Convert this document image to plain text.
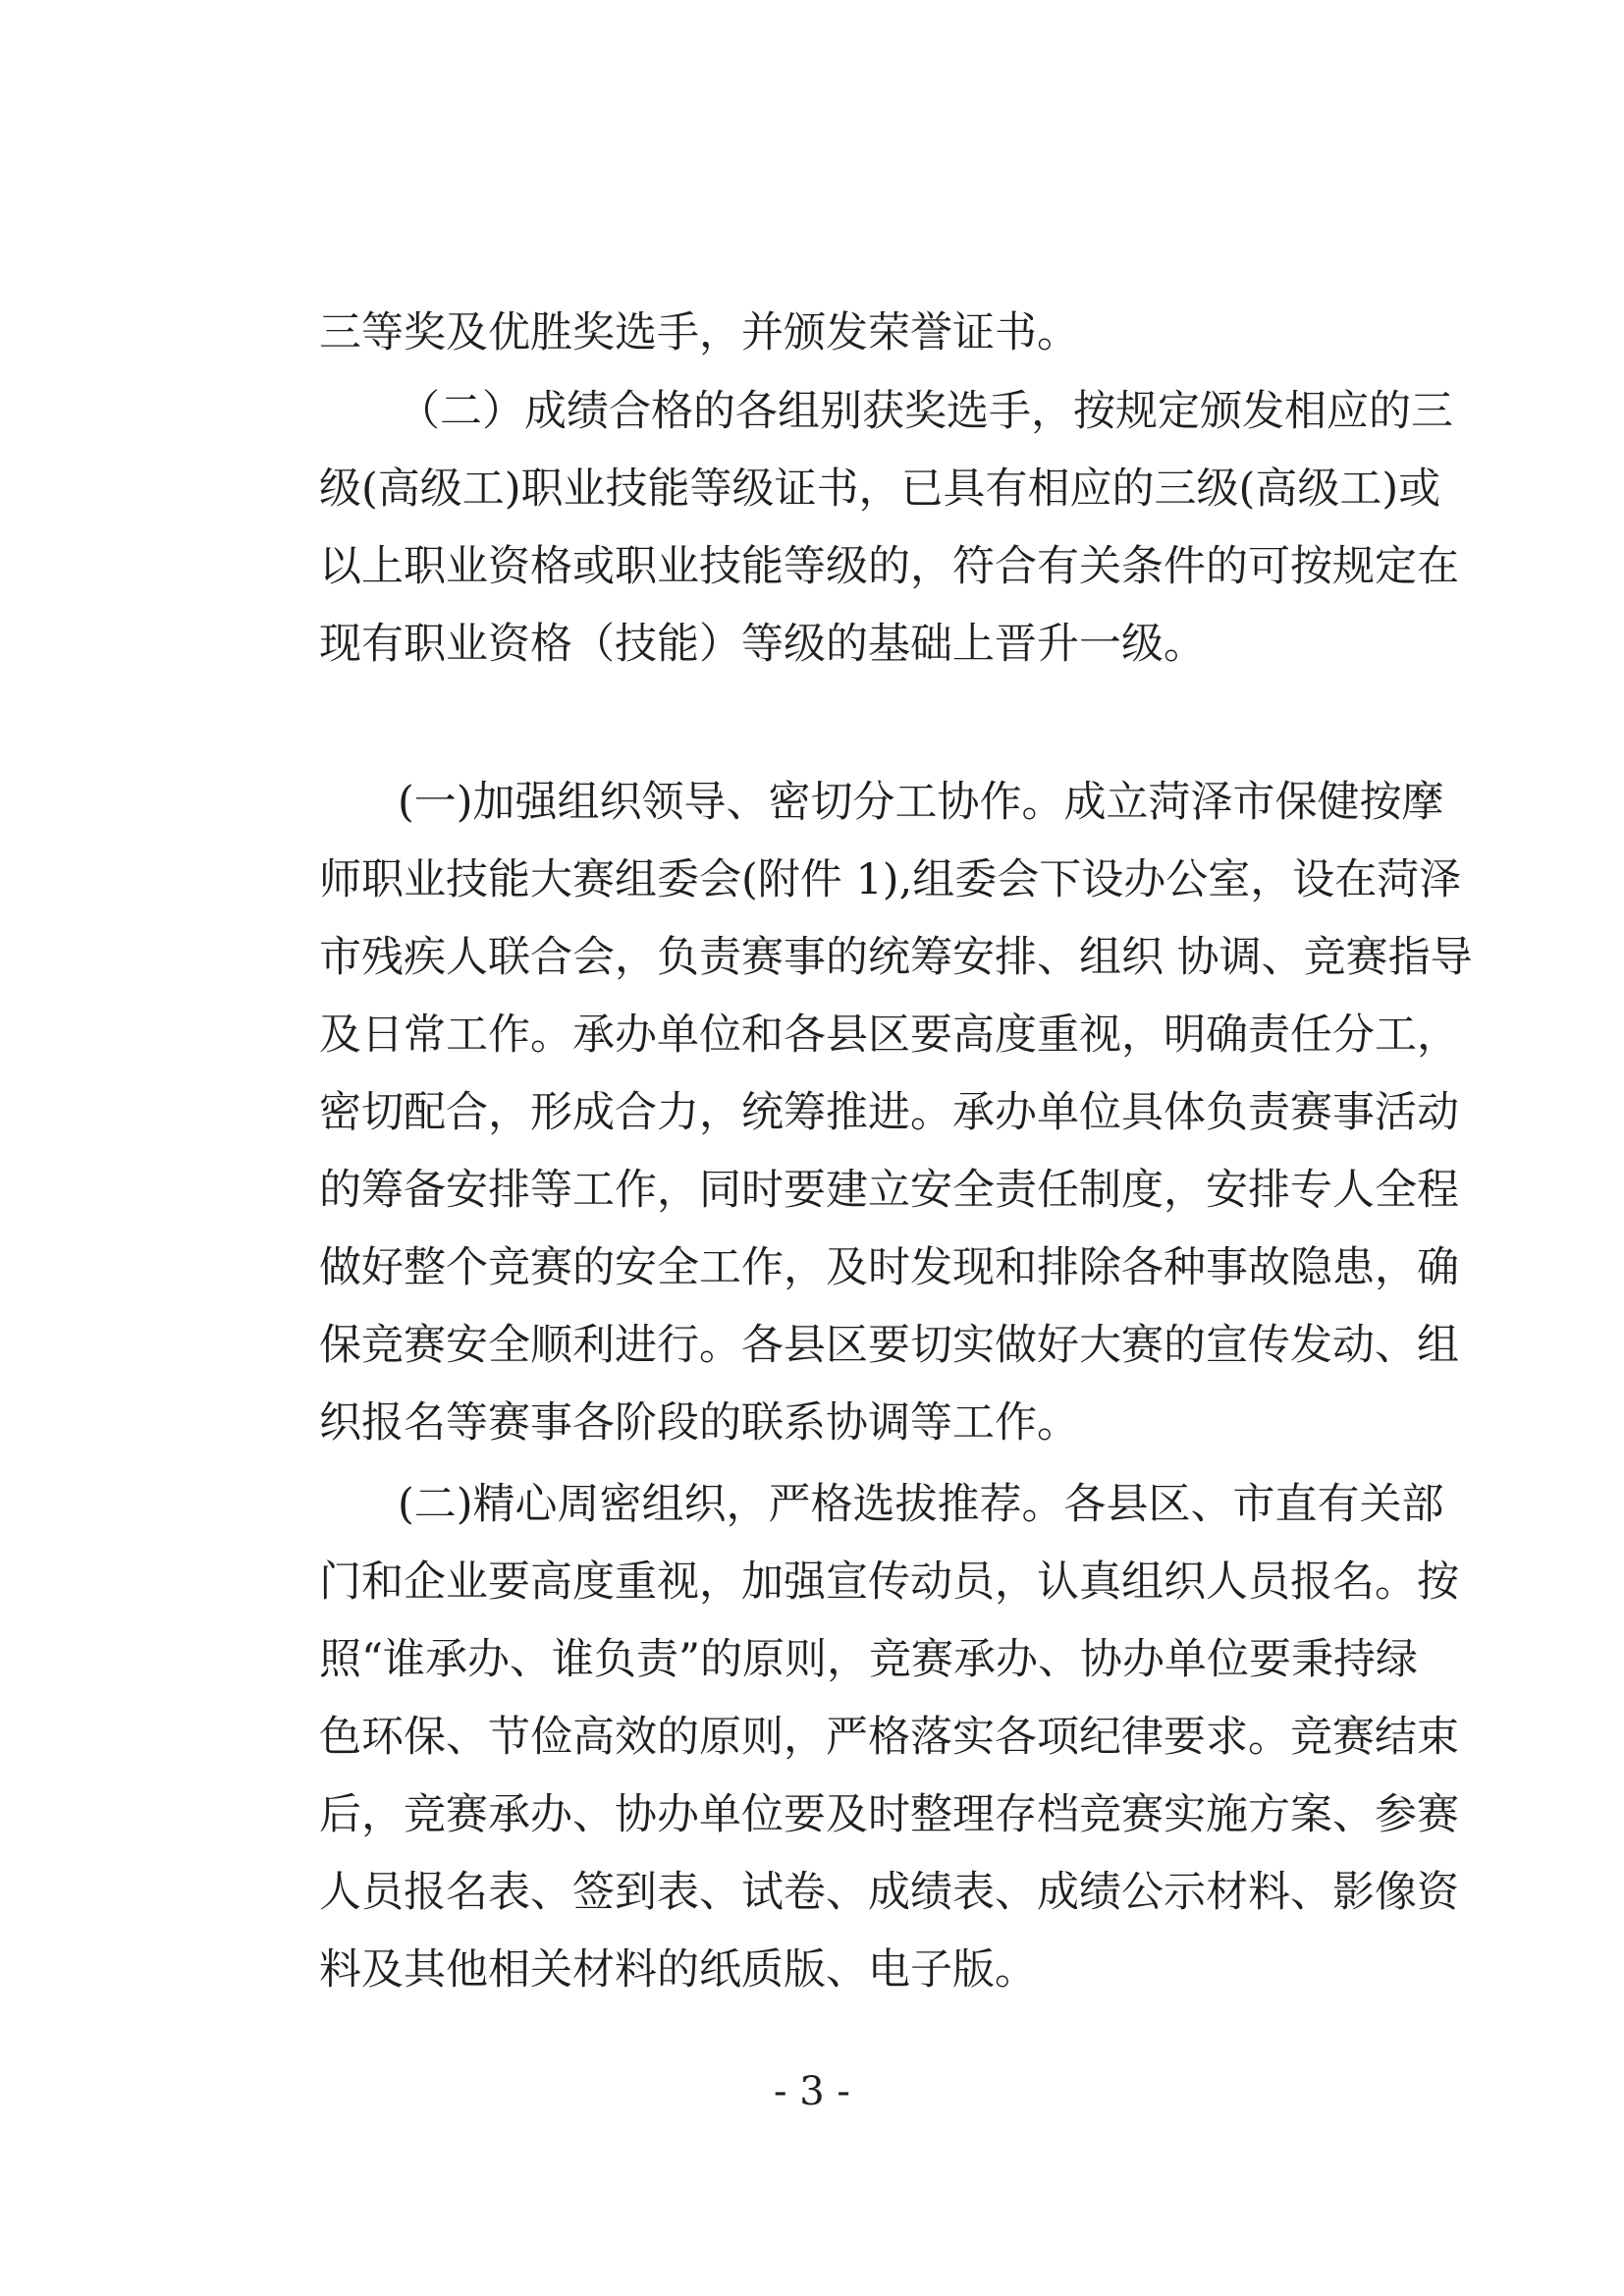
三等奖及优胜奖选手，并颁发荣誉证书。
（二）成绩合格的各组别获奖选手，按规定颁发相应的三
级(高级工)职业技能等级证书，已具有相应的三级(高级工)或
以上职业资格或职业技能等级的，符合有关条件的可按规定在
现有职业资格（技能）等级的基础上晋升一级。
(一)加强组织领导、密切分工协作。成立菏泽市保健按摩
师职业技能大赛组委会(附件 1),组委会下设办公室，设在菏泽
市残疾人联合会，负责赛事的统筹安排、组织 协调、竞赛指导
及日常工作。承办单位和各县区要高度重视，明确责任分工，
密切配合，形成合力，统筹推进。承办单位具体负责赛事活动
的筹备安排等工作，同时要建立安全责任制度，安排专人全程
做好整个竞赛的安全工作，及时发现和排除各种事故隐患，确
保竞赛安全顺利进行。各县区要切实做好大赛的宣传发动、组
织报名等赛事各阶段的联系协调等工作。
(二)精心周密组织，严格选拔推荐。各县区、市直有关部
门和企业要高度重视，加强宣传动员，认真组织人员报名。按
照“谁承办、谁负责”的原则，竞赛承办、协办单位要秉持绿
色环保、节俭高效的原则，严格落实各项纪律要求。竞赛结束
后，竞赛承办、协办单位要及时整理存档竞赛实施方案、参赛
人员报名表、签到表、试卷、成绩表、成绩公示材料、影像资
料及其他相关材料的纸质版、电子版。
- 3 -
